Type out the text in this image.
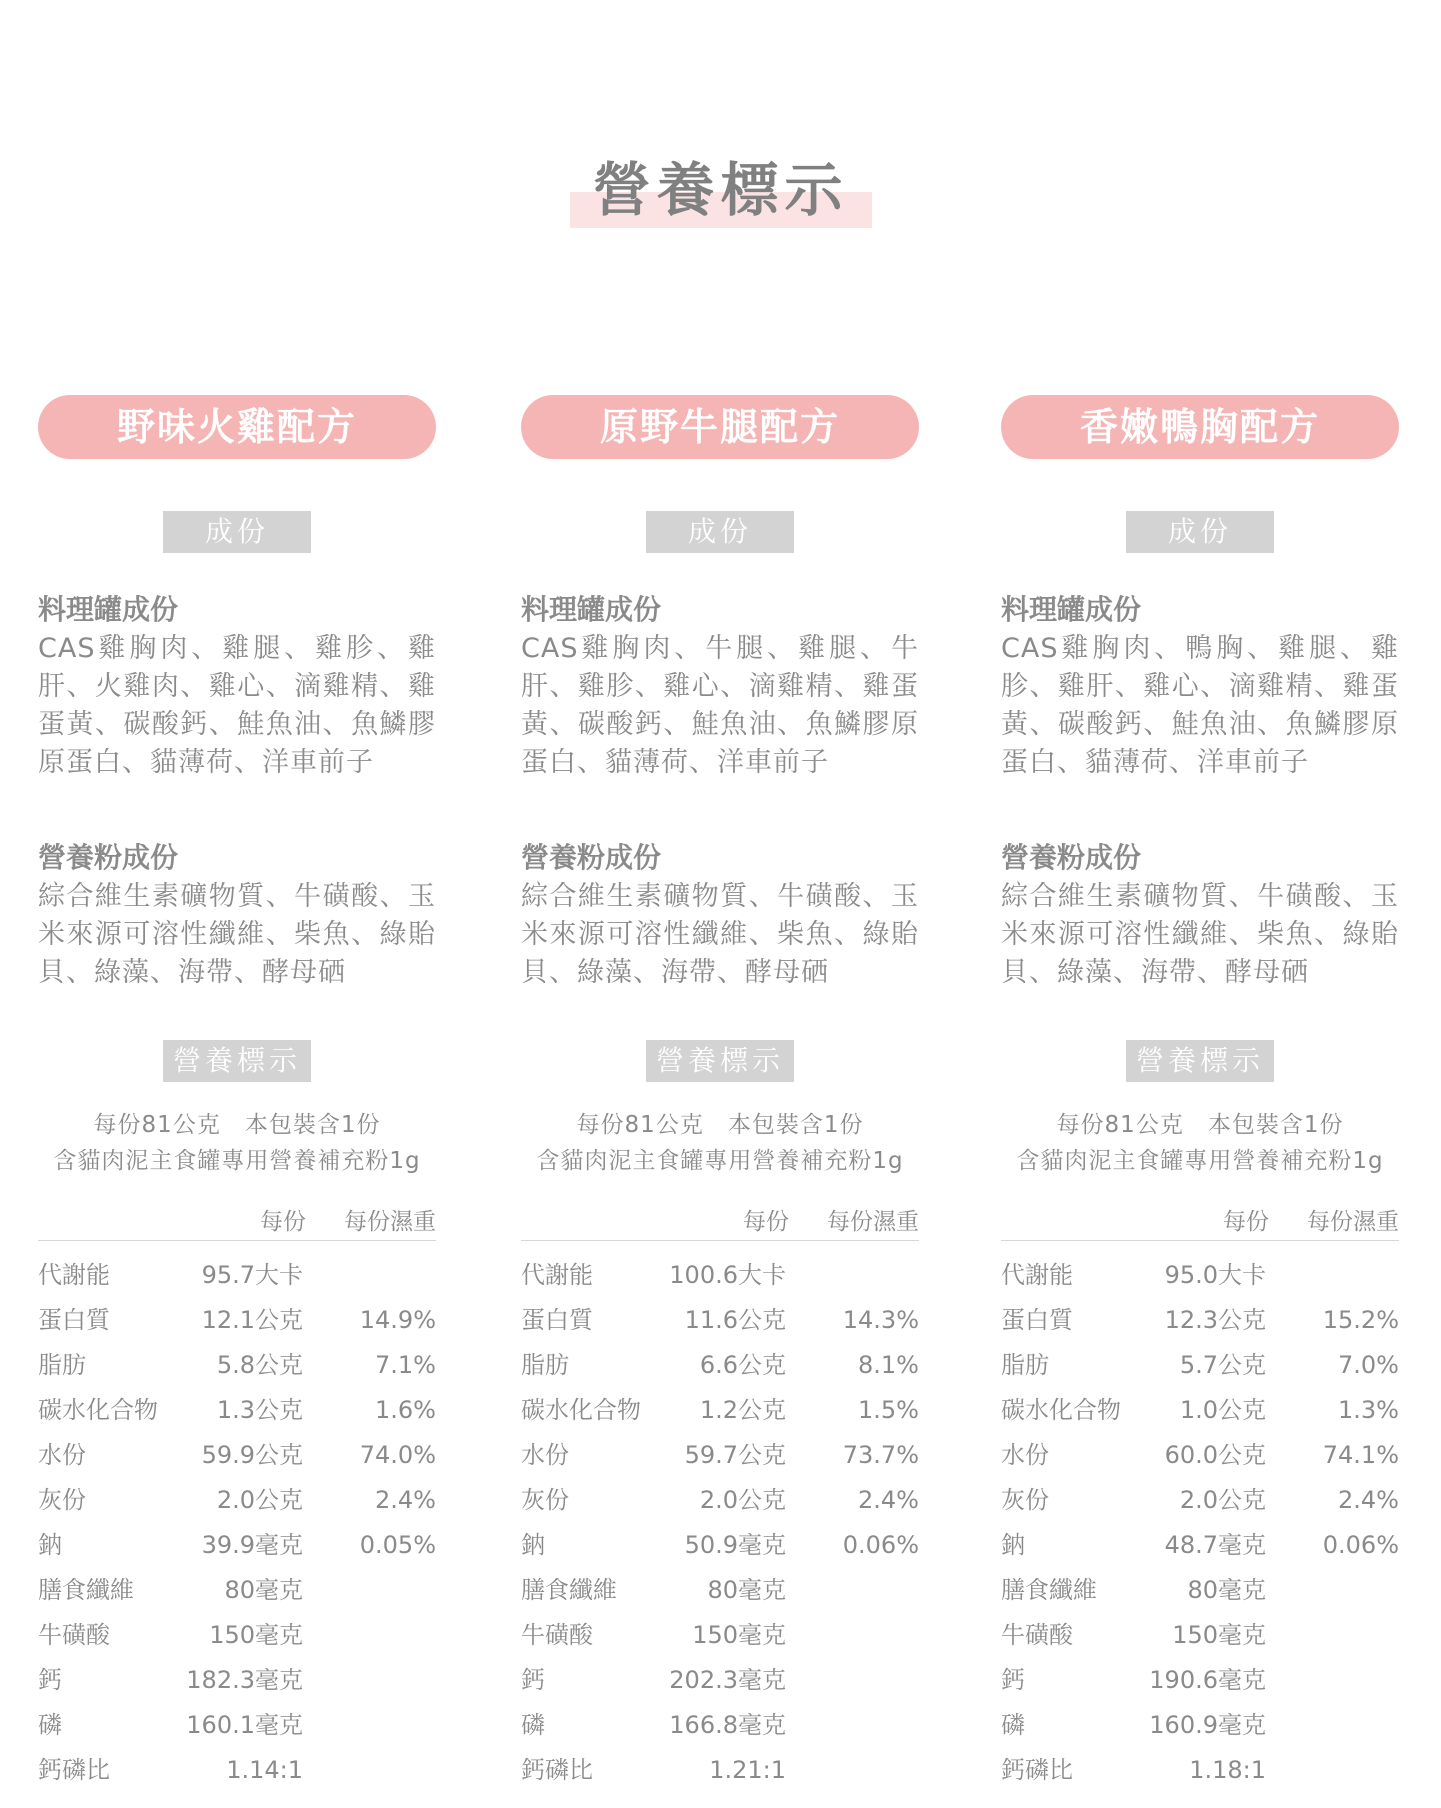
營養標示
野味火雞配方
成份
料理罐成份
CAS雞胸肉、雞腿、雞胗、雞肝、火雞肉、雞心、滴雞精、雞蛋黃、碳酸鈣、鮭魚油、魚鱗膠原蛋白、貓薄荷、洋車前子
營養粉成份
綜合維生素礦物質、牛磺酸、玉米來源可溶性纖維、柴魚、綠貽貝、綠藻、海帶、酵母硒
營養標示
每份81公克　本包裝含1份
含貓肉泥主食罐專用營養補充粉1g
每份 每份濕重
代謝能	95.7大卡
蛋白質	12.1公克 14.9%
脂肪	5.8公克	7.1%
碳水化合物 1.3公克	1.6%
水份	59.9公克 74.0%
灰份	2.0公克	2.4%
鈉	39.9毫克 0.05%
膳食纖維	80毫克
牛磺酸	150毫克
鈣	182.3毫克
磷	160.1毫克
鈣磷比	1.14:1
原野牛腿配方
成份
料理罐成份
CAS雞胸肉、牛腿、雞腿、牛肝、雞胗、雞心、滴雞精、雞蛋黃、碳酸鈣、鮭魚油、魚鱗膠原蛋白、貓薄荷、洋車前子
營養粉成份
綜合維生素礦物質、牛磺酸、玉米來源可溶性纖維、柴魚、綠貽貝、綠藻、海帶、酵母硒
營養標示
每份81公克　本包裝含1份
含貓肉泥主食罐專用營養補充粉1g
每份 每份濕重
代謝能	100.6大卡
蛋白質	11.6公克 14.3%
脂肪	6.6公克	8.1%
碳水化合物 1.2公克	1.5%
水份	59.7公克 73.7%
灰份	2.0公克	2.4%
鈉	50.9毫克 0.06%
膳食纖維	80毫克
牛磺酸	150毫克
鈣	202.3毫克
磷	166.8毫克
鈣磷比	1.21:1
香嫩鴨胸配方
成份
料理罐成份
CAS雞胸肉、鴨胸、雞腿、雞胗、雞肝、雞心、滴雞精、雞蛋黃、碳酸鈣、鮭魚油、魚鱗膠原蛋白、貓薄荷、洋車前子
營養粉成份
綜合維生素礦物質、牛磺酸、玉米來源可溶性纖維、柴魚、綠貽貝、綠藻、海帶、酵母硒
營養標示
每份81公克　本包裝含1份
含貓肉泥主食罐專用營養補充粉1g
每份 每份濕重
代謝能	95.0大卡
蛋白質	12.3公克 15.2%
脂肪	5.7公克	7.0%
碳水化合物 1.0公克	1.3%
水份	60.0公克 74.1%
灰份	2.0公克	2.4%
鈉	48.7毫克 0.06%
膳食纖維	80毫克
牛磺酸	150毫克
鈣	190.6毫克
磷	160.9毫克
鈣磷比	1.18:1
